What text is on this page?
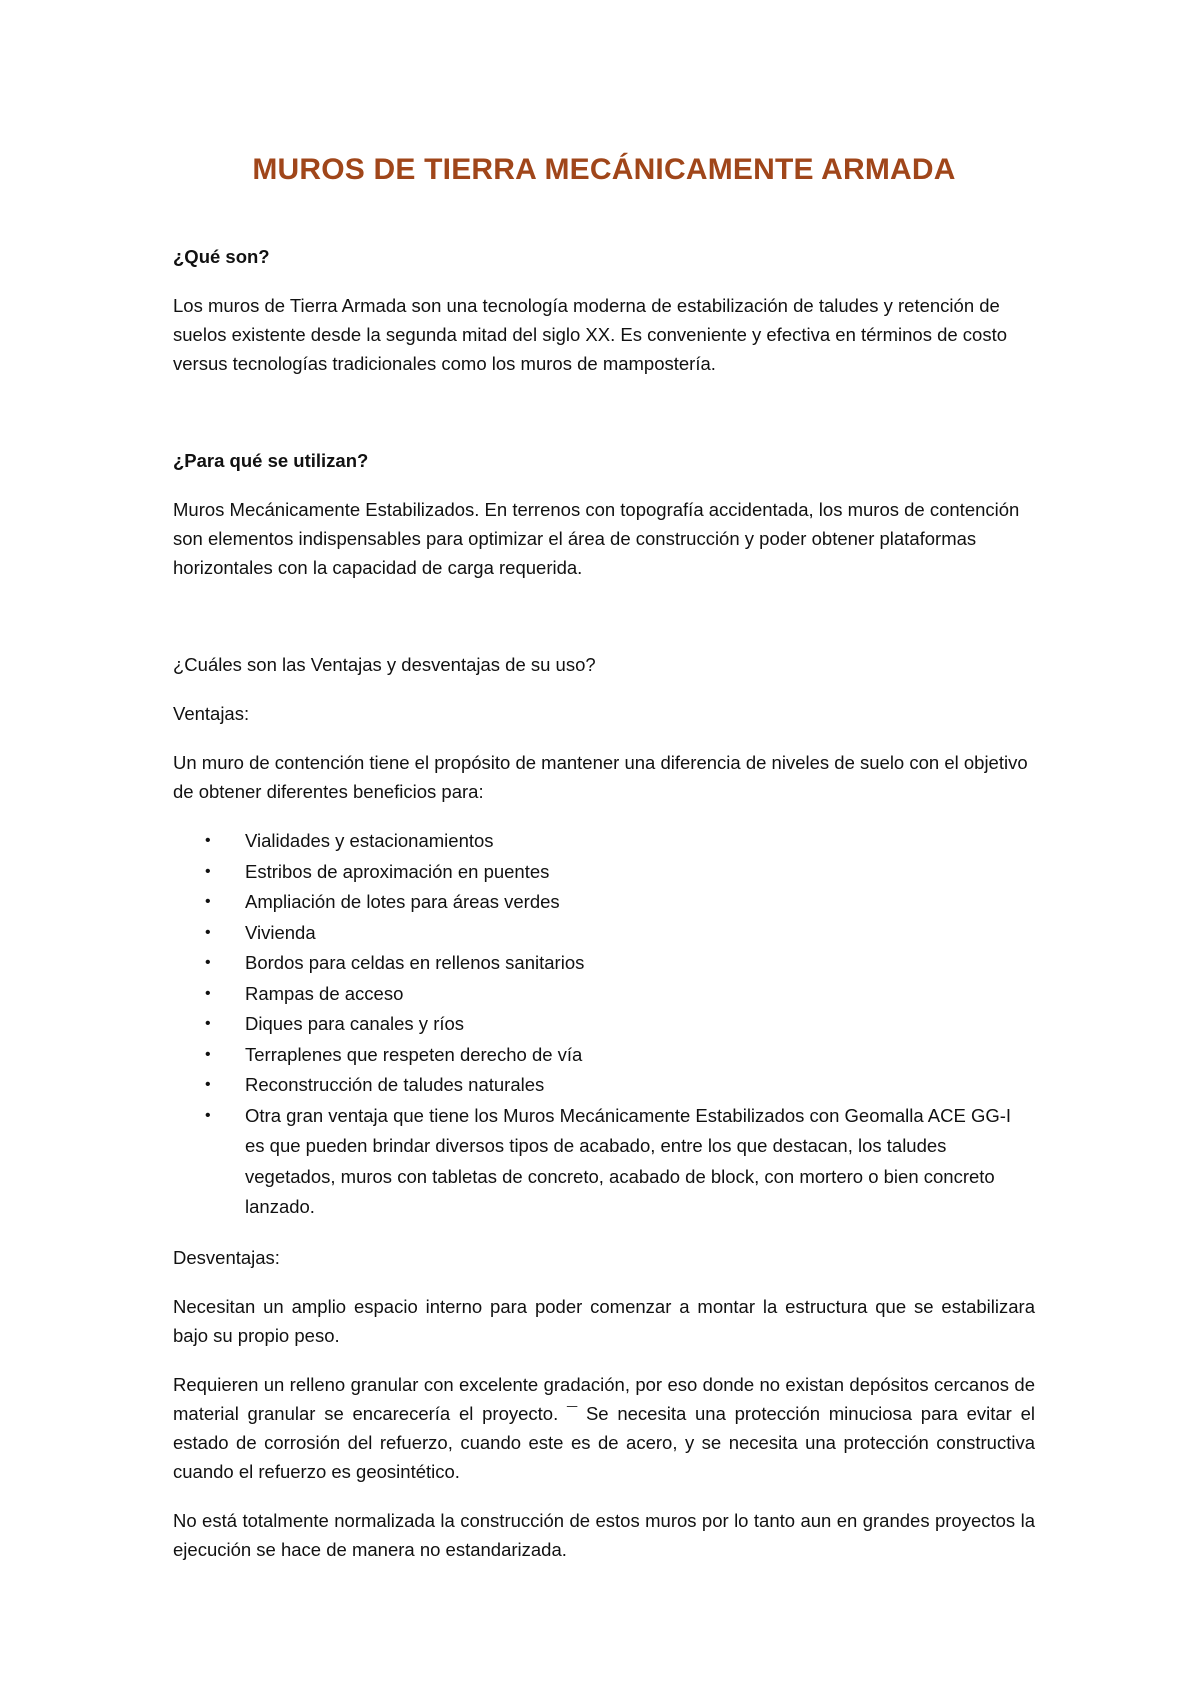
MUROS DE TIERRA MECÁNICAMENTE ARMADA

¿Qué son?

Los muros de Tierra Armada son una tecnología moderna de estabilización de taludes y retención de suelos existente desde la segunda mitad del siglo XX. Es conveniente y efectiva en términos de costo versus tecnologías tradicionales como los muros de mampostería.

¿Para qué se utilizan?

Muros Mecánicamente Estabilizados. En terrenos con topografía accidentada, los muros de contención son elementos indispensables para optimizar el área de construcción y poder obtener plataformas horizontales con la capacidad de carga requerida.

¿Cuáles son las Ventajas y desventajas de su uso?

Ventajas:

Un muro de contención tiene el propósito de mantener una diferencia de niveles de suelo con el objetivo de obtener diferentes beneficios para:

• Vialidades y estacionamientos
• Estribos de aproximación en puentes
• Ampliación de lotes para áreas verdes
• Vivienda
• Bordos para celdas en rellenos sanitarios
• Rampas de acceso
• Diques para canales y ríos
• Terraplenes que respeten derecho de vía
• Reconstrucción de taludes naturales
• Otra gran ventaja que tiene los Muros Mecánicamente Estabilizados con Geomalla ACE GG-I es que pueden brindar diversos tipos de acabado, entre los que destacan, los taludes vegetados, muros con tabletas de concreto, acabado de block, con mortero o bien concreto lanzado.

Desventajas:

Necesitan un amplio espacio interno para poder comenzar a montar la estructura que se estabilizara bajo su propio peso.

Requieren un relleno granular con excelente gradación, por eso donde no existan depósitos cercanos de material granular se encarecería el proyecto. ¯ Se necesita una protección minuciosa para evitar el estado de corrosión del refuerzo, cuando este es de acero, y se necesita una protección constructiva cuando el refuerzo es geosintético.

No está totalmente normalizada la construcción de estos muros por lo tanto aun en grandes proyectos la ejecución se hace de manera no estandarizada.
